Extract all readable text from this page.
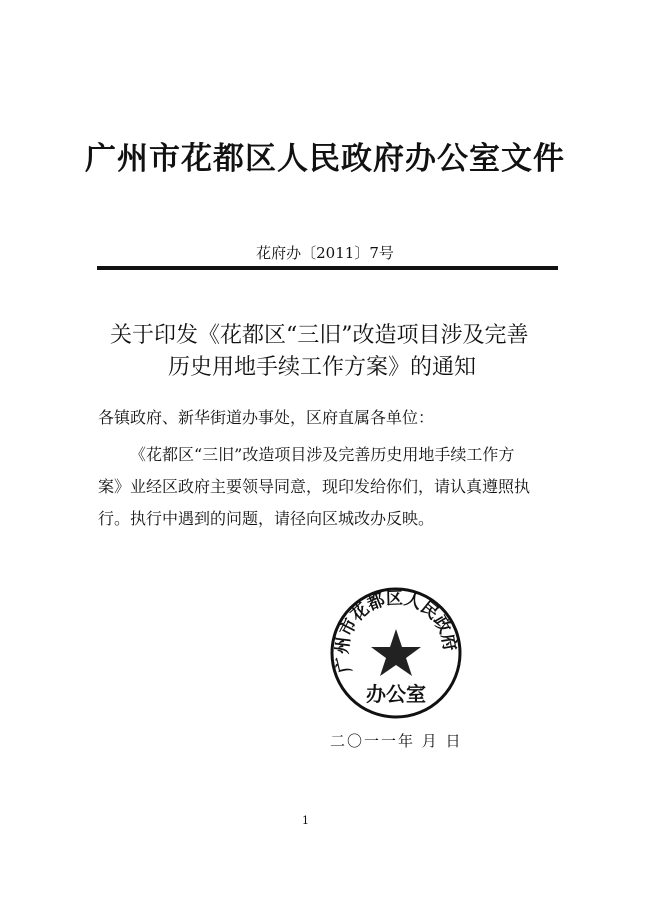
广州市花都区人民政府办公室文件
花府办〔2011〕7号
关于印发《花都区“三旧”改造项目涉及完善
历史用地手续工作方案》的通知
各镇政府、新华街道办事处，区府直属各单位：
《花都区“三旧”改造项目涉及完善历史用地手续工作方
案》业经区政府主要领导同意，现印发给你们，请认真遵照执
行。执行中遇到的问题，请径向区城改办反映。
广州市花都区人民政府
办公室
二〇一一年 月 日
1
